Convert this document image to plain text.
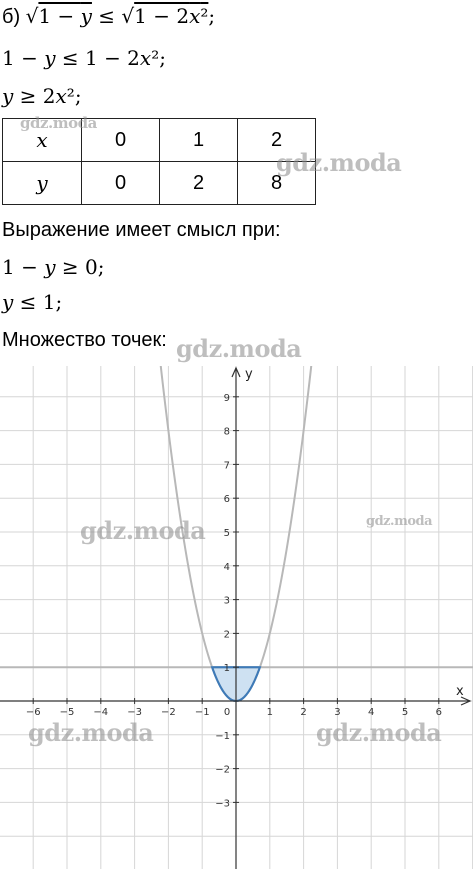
б) √1 − y ≤ √1 − 2x²;
1 − y ≤ 1 − 2x²;
y ≥ 2x²;
x	0	1	2
y	0	2	8
Выражение имеет смысл при:
1 − y ≥ 0;
y ≤ 1;
Множество точек:
x
y
−6 −5 −4 −3 −2 −1 0	1	2	3	4	5	6
−3
−2
−1
1
2
3
4
5
6
7
8
9
gdz.moda
gdz.moda
gdz.moda
gdz.moda	gdz.moda
gdz.moda	gdz.moda
